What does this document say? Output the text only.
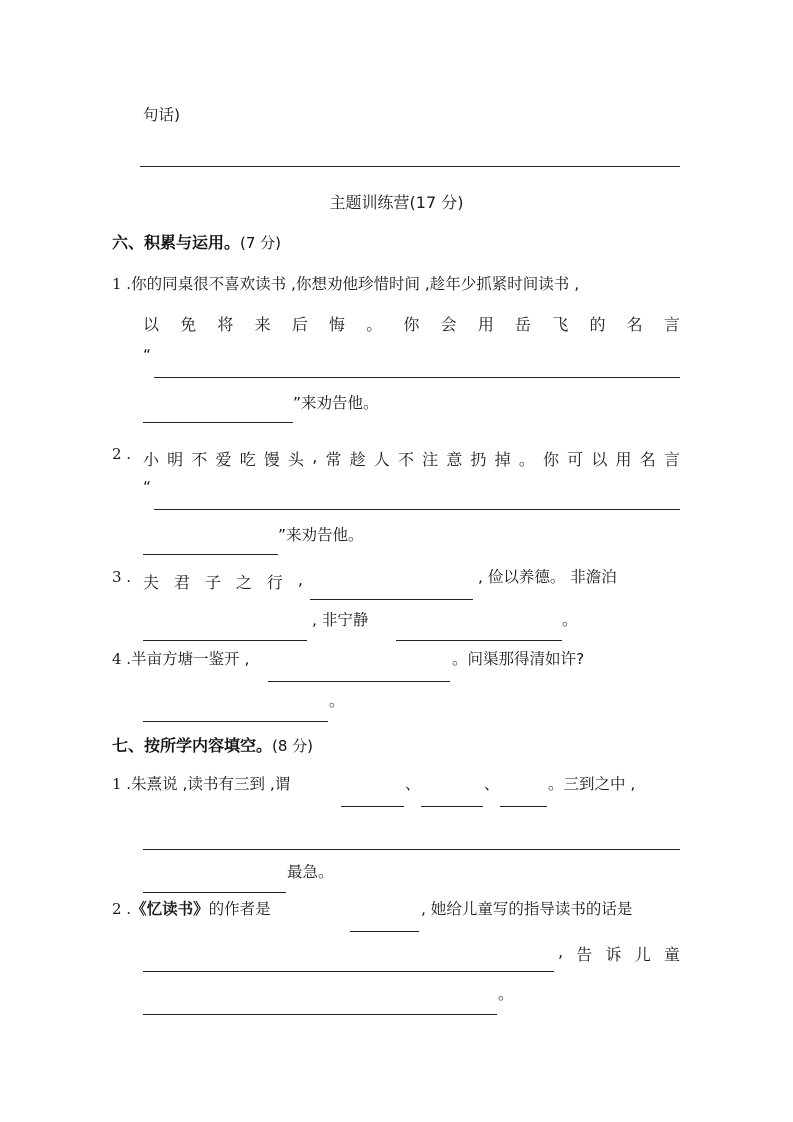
句话)
主题训练营(17 分)
六、积累与运用。(7 分)
1 .你的同桌很不喜欢读书 ,你想劝他珍惜时间 ,趁年少抓紧时间读书 ,
以 免 将 来 后 悔 。 你 会 用 岳 飞 的 名 言
“
”来劝告他。
2 . 小 明 不 爱 吃 馒 头 , 常 趁 人 不 注 意 扔 掉 。 你 可 以 用 名 言
“
”来劝告他。
3 . 夫 君 子 之 行 ,	, 俭以养德。 非澹泊
, 非宁静	。
4 .半亩方塘一鉴开 ,	。问渠那得清如许?
。
七、按所学内容填空。(8 分)
1 .朱熹说 ,读书有三到 ,谓	、	、	。三到之中 ,
最急。
2 .《忆读书》的作者是	, 她给儿童写的指导读书的话是
, 告 诉 儿 童
。
